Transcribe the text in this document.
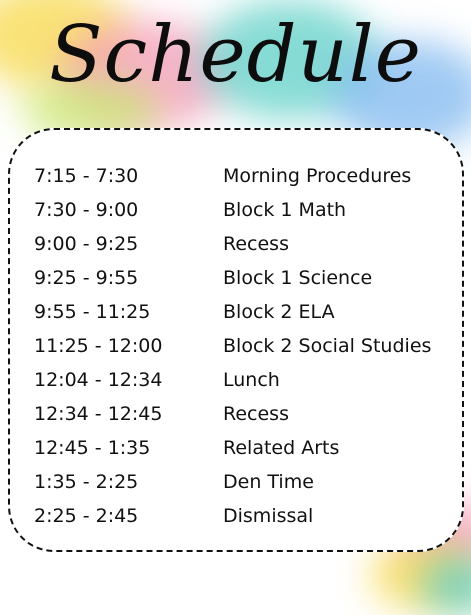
Schedule
7:15 - 7:30	Morning Procedures
7:30 - 9:00	Block 1 Math
9:00 - 9:25	Recess
9:25 - 9:55	Block 1 Science
9:55 - 11:25	Block 2 ELA
11:25 - 12:00	Block 2 Social Studies
12:04 - 12:34	Lunch
12:34 - 12:45	Recess
12:45 - 1:35	Related Arts
1:35 - 2:25	Den Time
2:25 - 2:45	Dismissal
